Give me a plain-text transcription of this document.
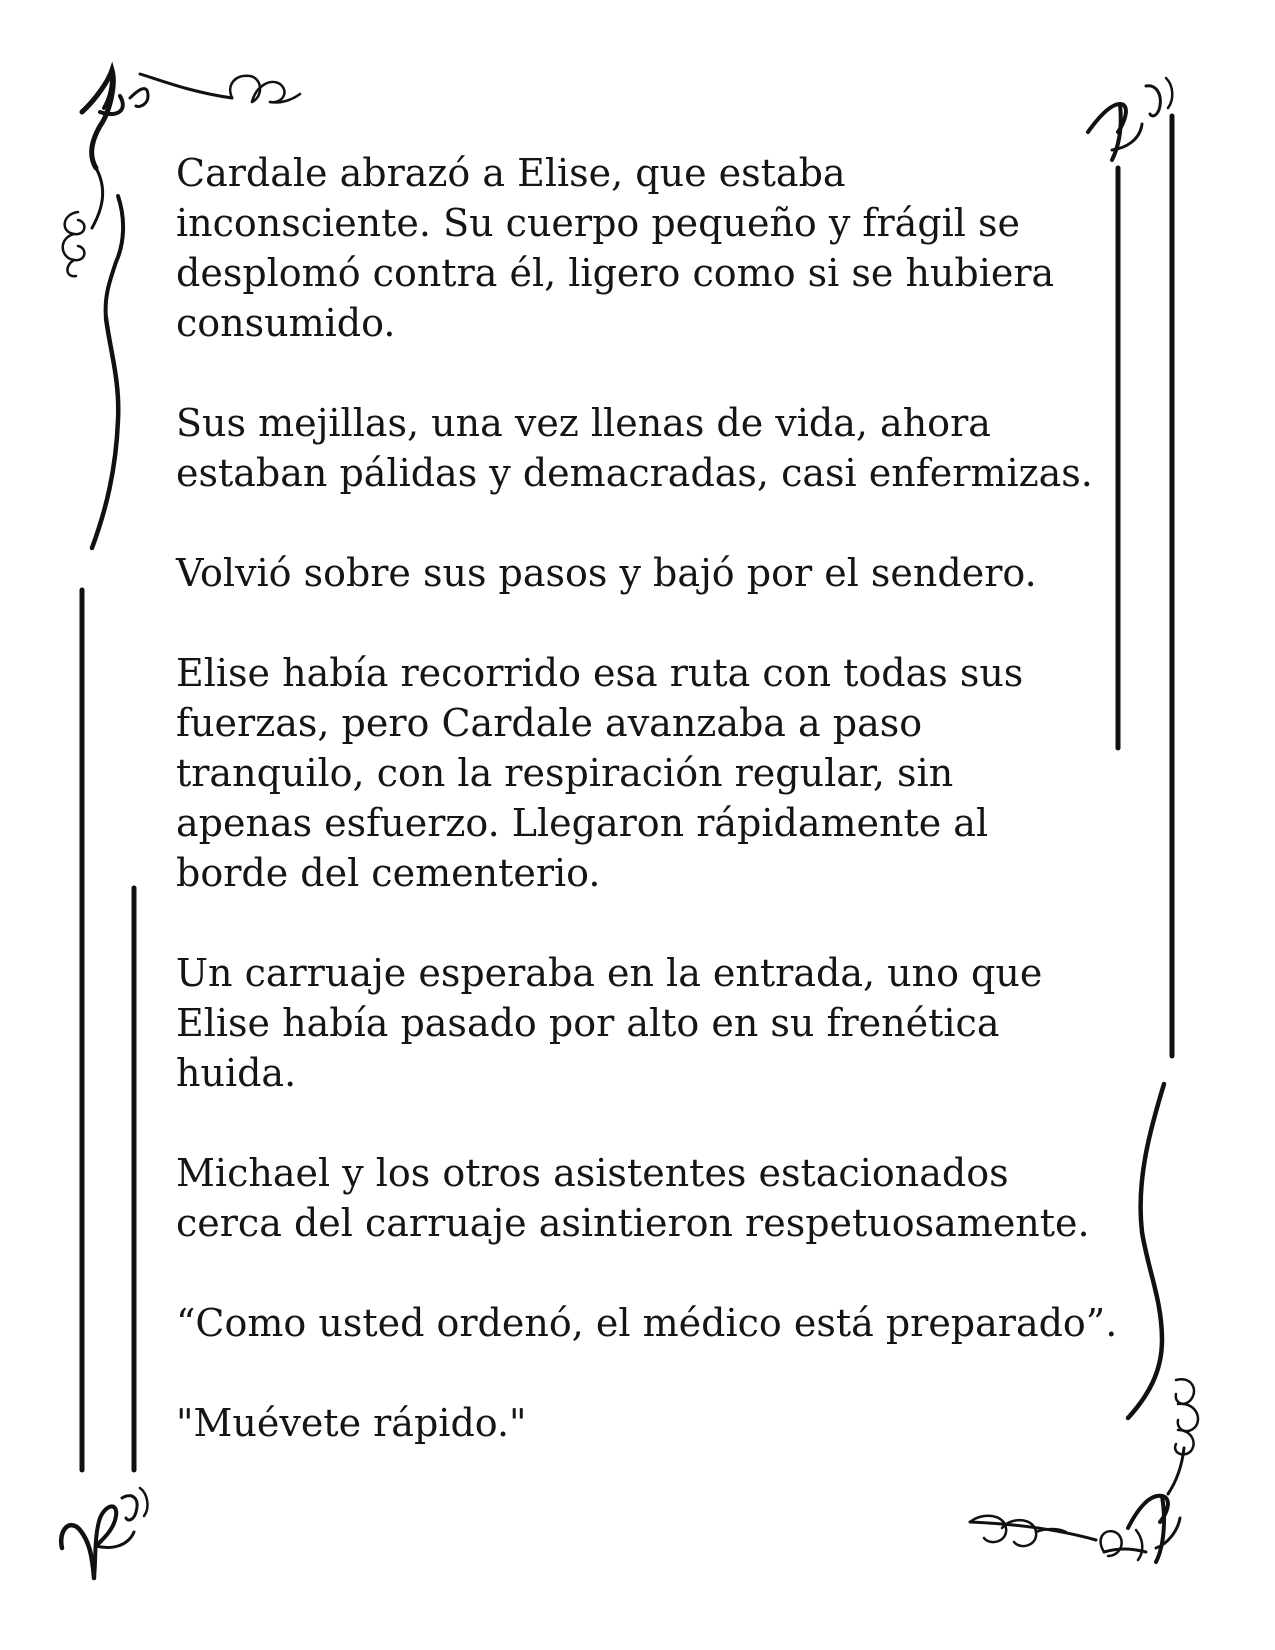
Cardale abrazó a Elise, que estaba
inconsciente. Su cuerpo pequeño y frágil se
desplomó contra él, ligero como si se hubiera
consumido.

Sus mejillas, una vez llenas de vida, ahora
estaban pálidas y demacradas, casi enfermizas.

Volvió sobre sus pasos y bajó por el sendero.

Elise había recorrido esa ruta con todas sus
fuerzas, pero Cardale avanzaba a paso
tranquilo, con la respiración regular, sin
apenas esfuerzo. Llegaron rápidamente al
borde del cementerio.

Un carruaje esperaba en la entrada, uno que
Elise había pasado por alto en su frenética
huida.

Michael y los otros asistentes estacionados
cerca del carruaje asintieron respetuosamente.

“Como usted ordenó, el médico está preparado”.

"Muévete rápido."
